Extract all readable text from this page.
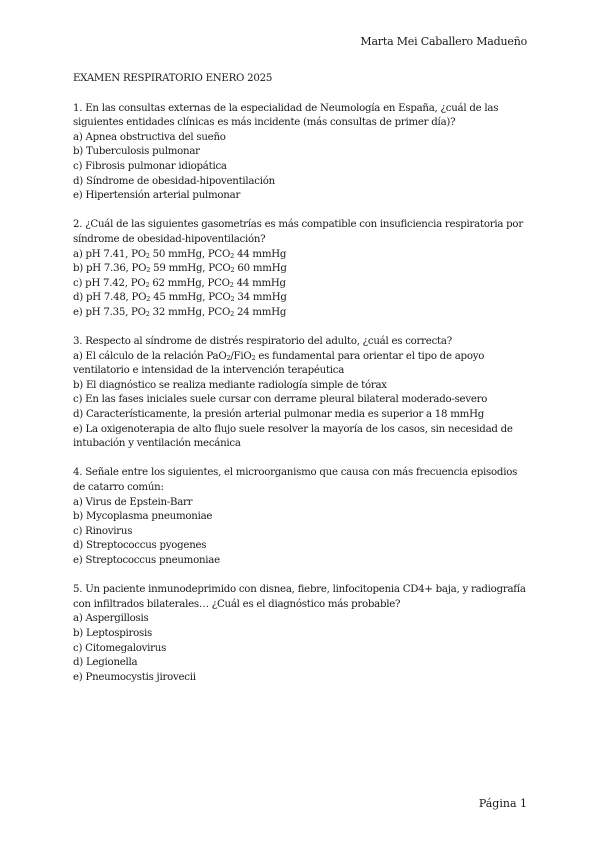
Marta Mei Caballero Madueño

EXAMEN RESPIRATORIO ENERO 2025

1. En las consultas externas de la especialidad de Neumología en España, ¿cuál de las siguientes entidades clínicas es más incidente (más consultas de primer día)?

a) Apnea obstructiva del sueño

b) Tuberculosis pulmonar

c) Fibrosis pulmonar idiopática

d) Síndrome de obesidad-hipoventilación

e) Hipertensión arterial pulmonar

2. ¿Cuál de las siguientes gasometrías es más compatible con insuficiencia respiratoria por síndrome de obesidad-hipoventilación?

a) pH 7.41, $PO_2$ 50 mmHg, $PCO_2$ 44 mmHg

b) pH 7.36, $PO_2$ 59 mmHg, $PCO_2$ 60 mmHg

c) pH 7.42, $PO_2$ 62 mmHg, $PCO_2$ 44 mmHg

d) pH 7.48, $PO_2$ 45 mmHg, $PCO_2$ 34 mmHg

e) pH 7.35, $PO_2$ 32 mmHg, $PCO_2$ 24 mmHg

3. Respecto al síndrome de distrés respiratorio del adulto, ¿cuál es correcta?

a) El cálculo de la relación PaO$_2$/FiO$_2$ es fundamental para orientar el tipo de apoyo ventilatorio e intensidad de la intervención terapéutica

b) El diagnóstico se realiza mediante radiología simple de tórax

c) En las fases iniciales suele cursar con derrame pleural bilateral moderado-severo

d) Característicamente, la presión arterial pulmonar media es superior a 18 mmHg

e) La oxigenoterapia de alto flujo suele resolver la mayoría de los casos, sin necesidad de intubación y ventilación mecánica

4. Señale entre los siguientes, el microorganismo que causa con más frecuencia episodios de catarro común:

a) Virus de Epstein-Barr

b) Mycoplasma pneumoniae

c) Rinovirus

d) Streptococcus pyogenes

e) Streptococcus pneumoniae

5. Un paciente inmunodeprimido con disnea, fiebre, linfocitopenia CD4+ baja, y radiografía con infiltrados bilaterales… ¿Cuál es el diagnóstico más probable?

a) Aspergillosis

b) Leptospirosis

c) Citomegalovirus

d) Legionella

e) Pneumocystis jirovecii

Página 1
